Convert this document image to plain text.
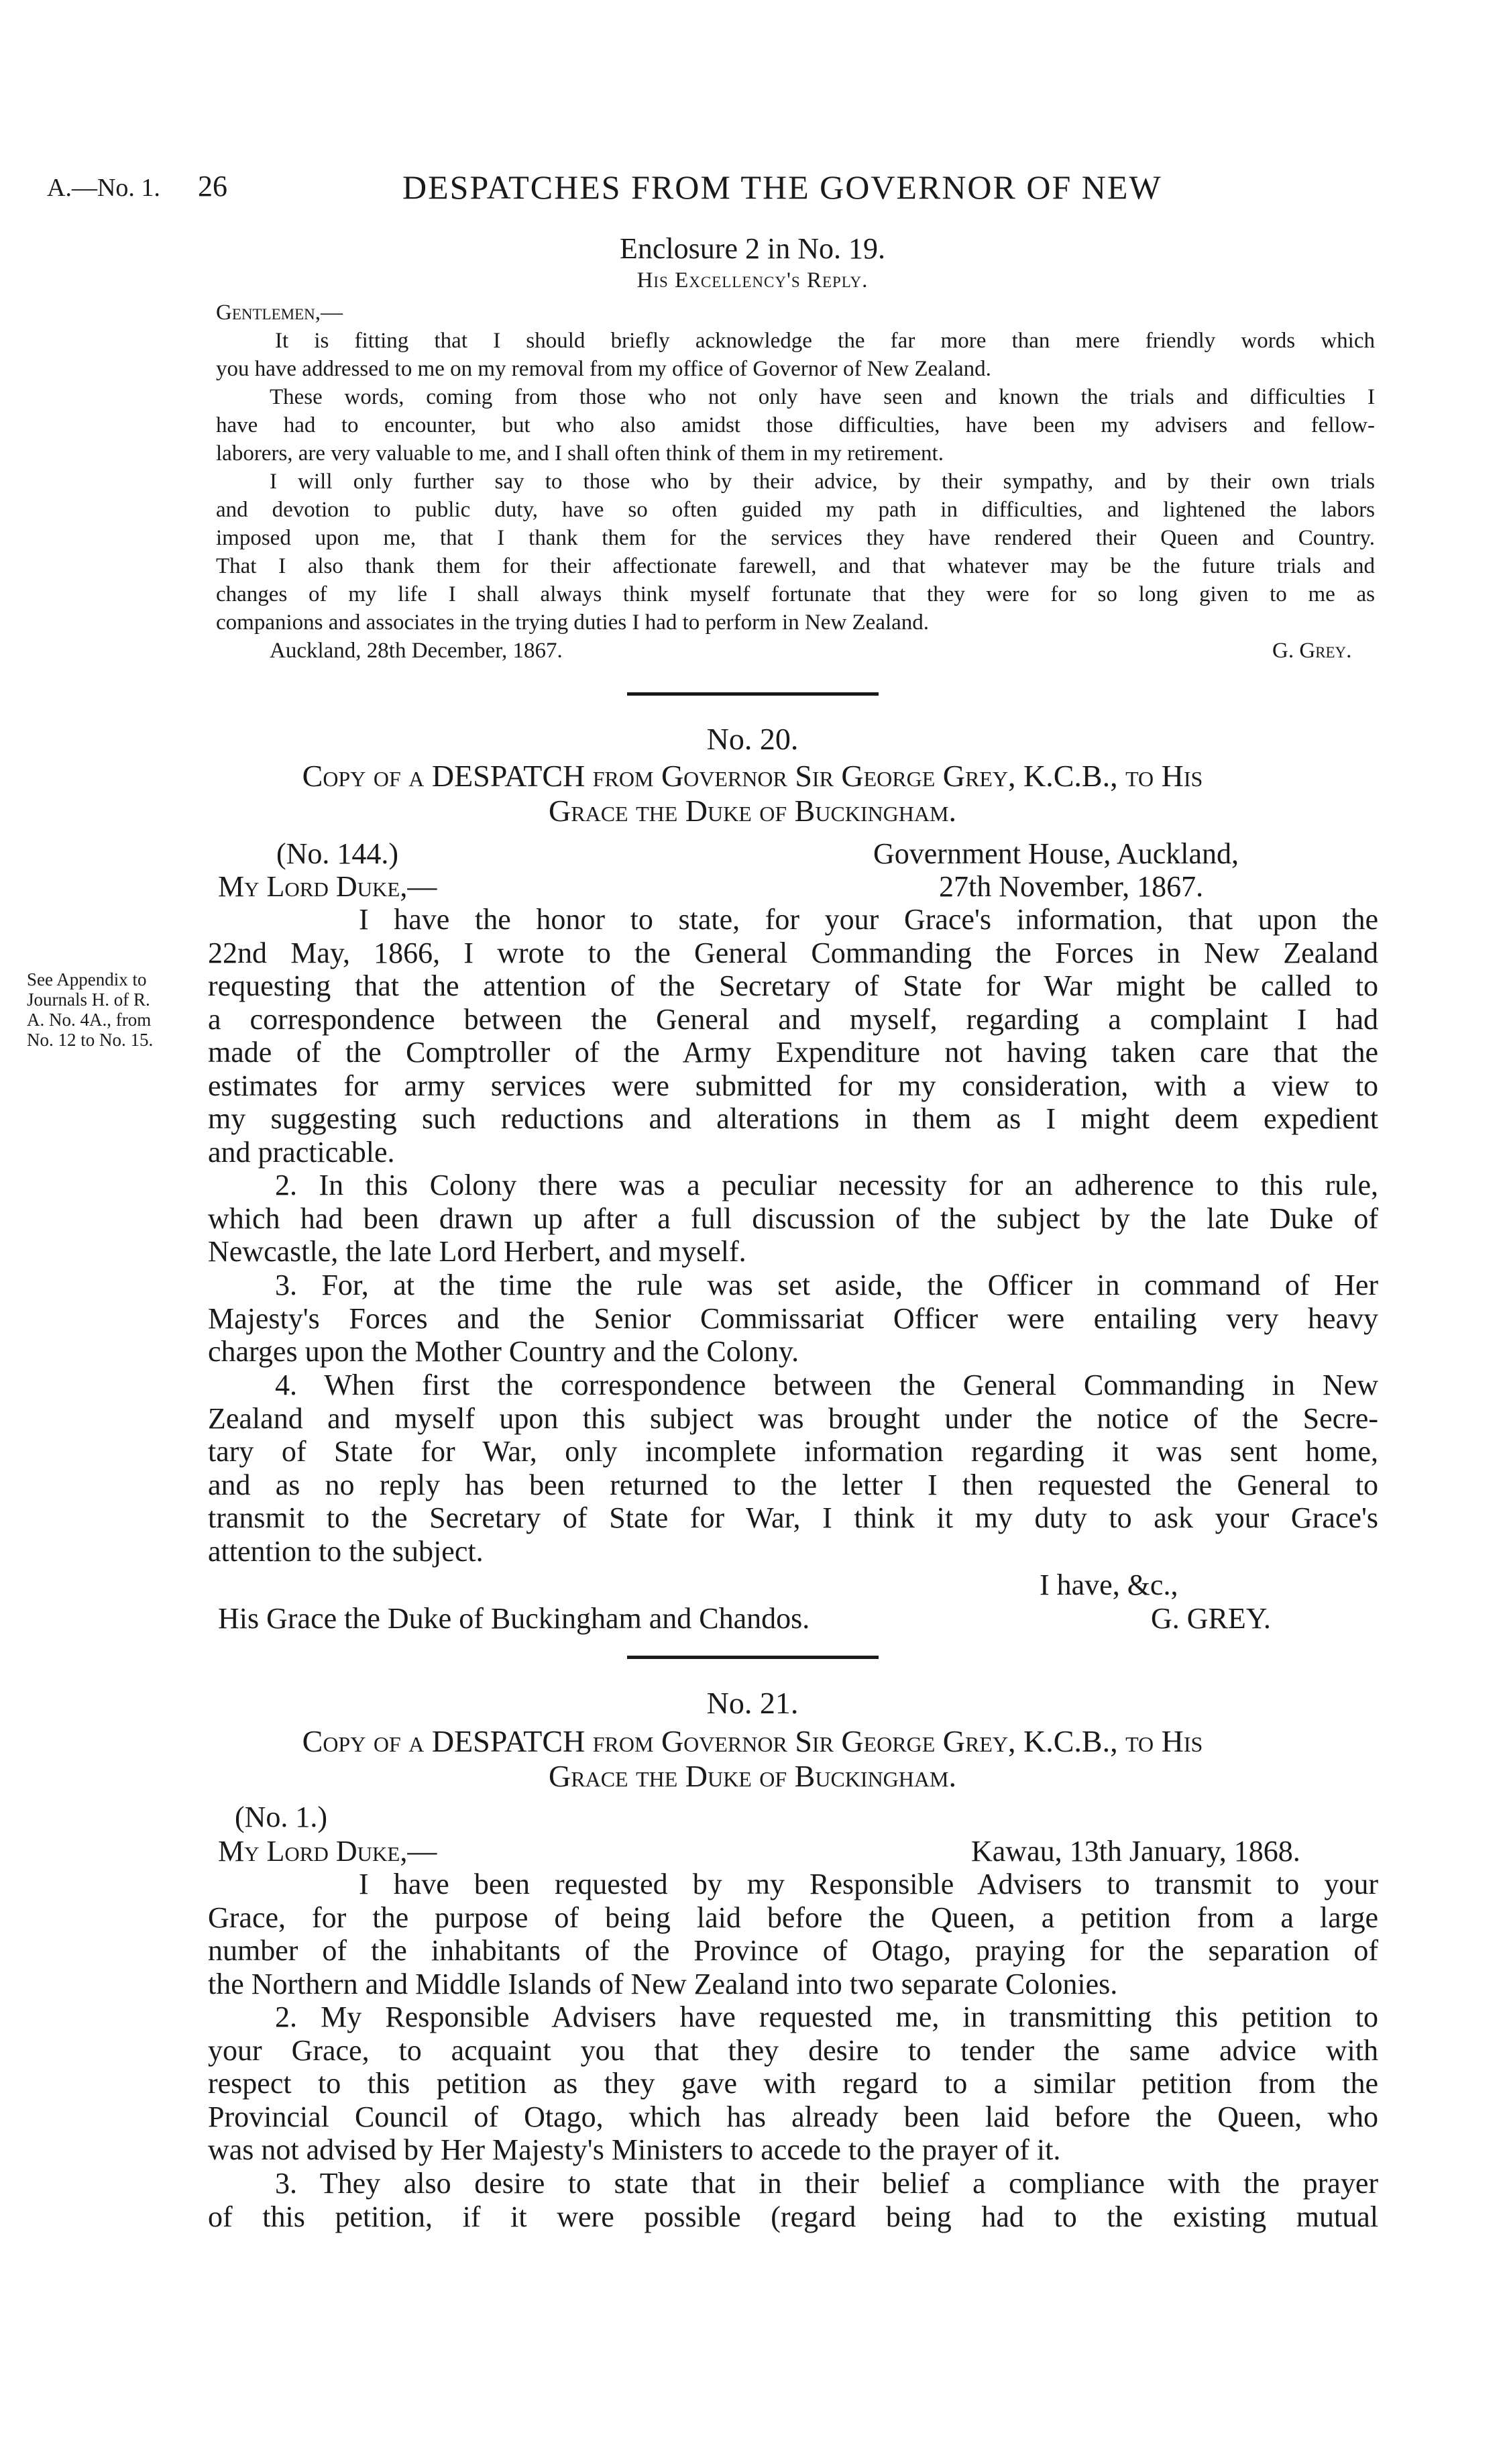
A.—No. 1. 26	DESPATCHES FROM THE GOVERNOR OF NEW
Enclosure 2 in No. 19.
His Excellency's Reply.
Gentlemen,—
It is fitting that I should briefly acknowledge the far more than mere friendly words which
you have addressed to me on my removal from my office of Governor of New Zealand.
These words, coming from those who not only have seen and known the trials and difficulties I
have had to encounter, but who also amidst those difficulties, have been my advisers and fellow-
laborers, are very valuable to me, and I shall often think of them in my retirement.
I will only further say to those who by their advice, by their sympathy, and by their own trials
and devotion to public duty, have so often guided my path in difficulties, and lightened the labors
imposed upon me, that I thank them for the services they have rendered their Queen and Country.
That I also thank them for their affectionate farewell, and that whatever may be the future trials and
changes of my life I shall always think myself fortunate that they were for so long given to me as
companions and associates in the trying duties I had to perform in New Zealand.
Auckland, 28th December, 1867.	G. Grey.
No. 20.
Copy of a DESPATCH from Governor Sir George Grey, K.C.B., to His
Grace the Duke of Buckingham.
(No. 144.)	Government House, Auckland,
My Lord Duke,—	27th November, 1867.
See Appendix to
Journals H. of R.
A. No. 4A., from
No. 12 to No. 15.
I have the honor to state, for your Grace's information, that upon the
22nd May, 1866, I wrote to the General Commanding the Forces in New Zealand
requesting that the attention of the Secretary of State for War might be called to
a correspondence between the General and myself, regarding a complaint I had
made of the Comptroller of the Army Expenditure not having taken care that the
estimates for army services were submitted for my consideration, with a view to
my suggesting such reductions and alterations in them as I might deem expedient
and practicable.
2. In this Colony there was a peculiar necessity for an adherence to this rule,
which had been drawn up after a full discussion of the subject by the late Duke of
Newcastle, the late Lord Herbert, and myself.
3. For, at the time the rule was set aside, the Officer in command of Her
Majesty's Forces and the Senior Commissariat Officer were entailing very heavy
charges upon the Mother Country and the Colony.
4. When first the correspondence between the General Commanding in New
Zealand and myself upon this subject was brought under the notice of the Secre-
tary of State for War, only incomplete information regarding it was sent home,
and as no reply has been returned to the letter I then requested the General to
transmit to the Secretary of State for War, I think it my duty to ask your Grace's
attention to the subject.
I have, &c.,
His Grace the Duke of Buckingham and Chandos.	G. GREY.
No. 21.
Copy of a DESPATCH from Governor Sir George Grey, K.C.B., to His
Grace the Duke of Buckingham.
(No. 1.)
My Lord Duke,—	Kawau, 13th January, 1868.
I have been requested by my Responsible Advisers to transmit to your
Grace, for the purpose of being laid before the Queen, a petition from a large
number of the inhabitants of the Province of Otago, praying for the separation of
the Northern and Middle Islands of New Zealand into two separate Colonies.
2. My Responsible Advisers have requested me, in transmitting this petition to
your Grace, to acquaint you that they desire to tender the same advice with
respect to this petition as they gave with regard to a similar petition from the
Provincial Council of Otago, which has already been laid before the Queen, who
was not advised by Her Majesty's Ministers to accede to the prayer of it.
3. They also desire to state that in their belief a compliance with the prayer
of this petition, if it were possible (regard being had to the existing mutual
